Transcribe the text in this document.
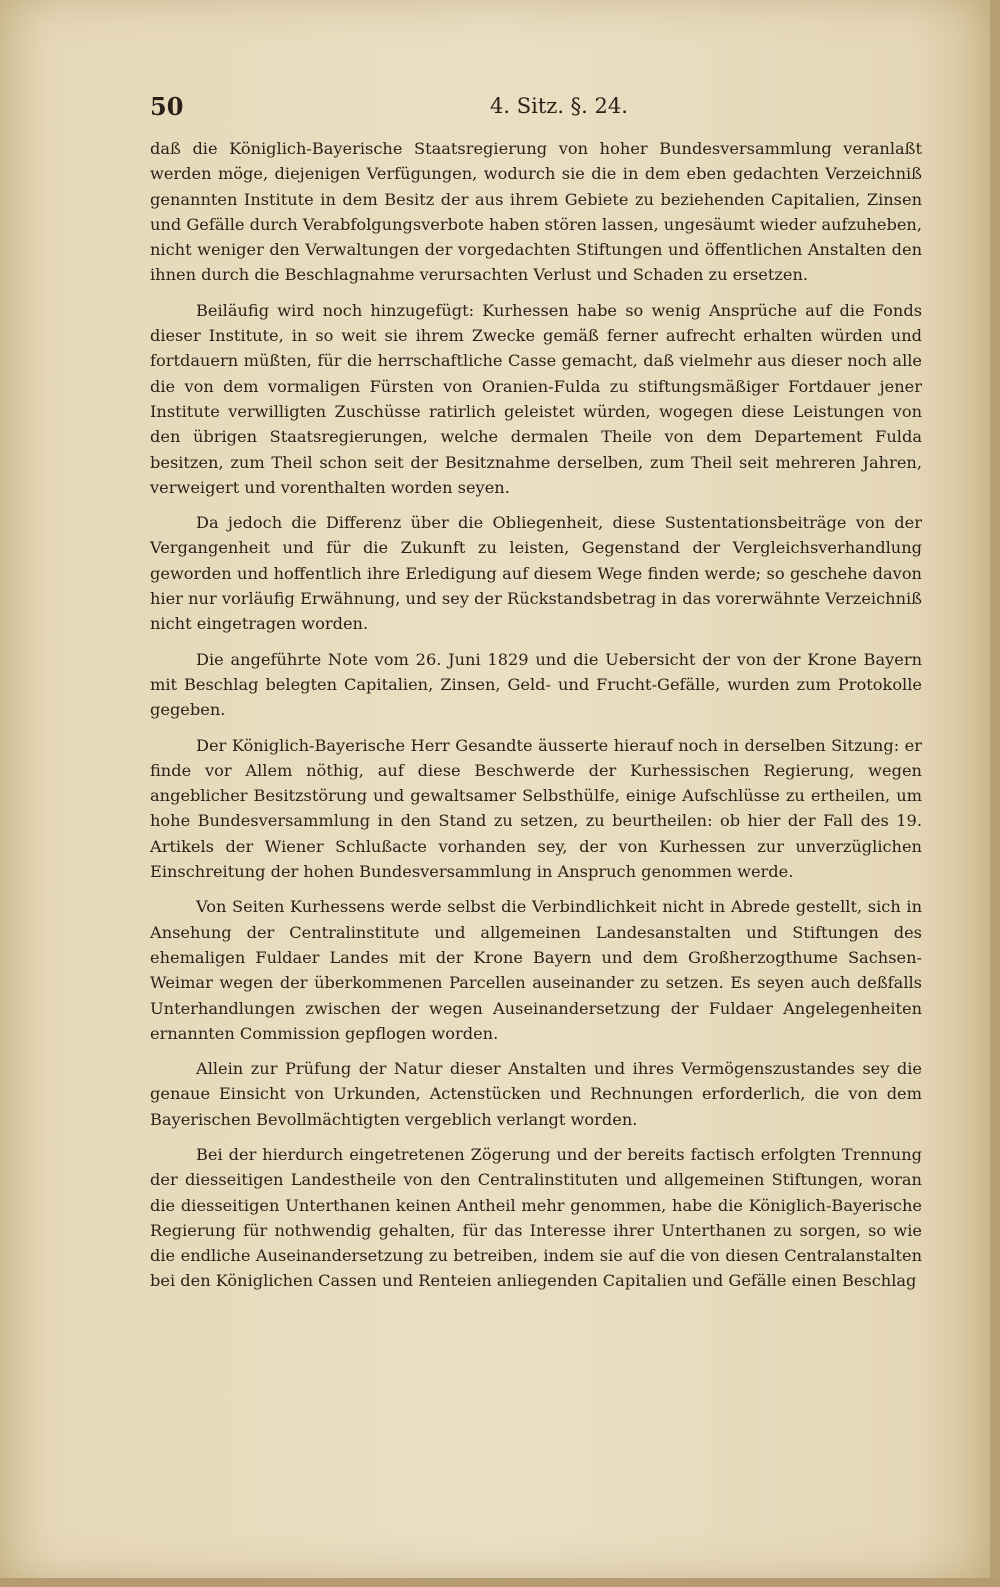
50	4. Sitz. §. 24.

daß die Königlich-Bayerische Staatsregierung von hoher Bundesversammlung veranlaßt werden möge, diejenigen Verfügungen, wodurch sie die in dem eben gedachten Verzeichniß genannten Institute in dem Besitz der aus ihrem Gebiete zu beziehenden Capitalien, Zinsen und Gefälle durch Verabfolgungsverbote haben stören lassen, ungesäumt wieder aufzuheben, nicht weniger den Verwaltungen der vorgedachten Stiftungen und öffentlichen Anstalten den ihnen durch die Beschlagnahme verursachten Verlust und Schaden zu ersetzen.

Beiläufig wird noch hinzugefügt: Kurhessen habe so wenig Ansprüche auf die Fonds dieser Institute, in so weit sie ihrem Zwecke gemäß ferner aufrecht erhalten würden und fortdauern müßten, für die herrschaftliche Casse gemacht, daß vielmehr aus dieser noch alle die von dem vormaligen Fürsten von Oranien-Fulda zu stiftungsmäßiger Fortdauer jener Institute verwilligten Zuschüsse ratirlich geleistet würden, wogegen diese Leistungen von den übrigen Staatsregierungen, welche dermalen Theile von dem Departement Fulda besitzen, zum Theil schon seit der Besitznahme derselben, zum Theil seit mehreren Jahren, verweigert und vorenthalten worden seyen.

Da jedoch die Differenz über die Obliegenheit, diese Sustentationsbeiträge von der Vergangenheit und für die Zukunft zu leisten, Gegenstand der Vergleichsverhandlung geworden und hoffentlich ihre Erledigung auf diesem Wege finden werde; so geschehe davon hier nur vorläufig Erwähnung, und sey der Rückstandsbetrag in das vorerwähnte Verzeichniß nicht eingetragen worden.

Die angeführte Note vom 26. Juni 1829 und die Uebersicht der von der Krone Bayern mit Beschlag belegten Capitalien, Zinsen, Geld- und Frucht-Gefälle, wurden zum Protokolle gegeben.

Der Königlich-Bayerische Herr Gesandte äusserte hierauf noch in derselben Sitzung: er finde vor Allem nöthig, auf diese Beschwerde der Kurhessischen Regierung, wegen angeblicher Besitzstörung und gewaltsamer Selbsthülfe, einige Aufschlüsse zu ertheilen, um hohe Bundesversammlung in den Stand zu setzen, zu beurtheilen: ob hier der Fall des 19. Artikels der Wiener Schlußacte vorhanden sey, der von Kurhessen zur unverzüglichen Einschreitung der hohen Bundesversammlung in Anspruch genommen werde.

Von Seiten Kurhessens werde selbst die Verbindlichkeit nicht in Abrede gestellt, sich in Ansehung der Centralinstitute und allgemeinen Landesanstalten und Stiftungen des ehemaligen Fuldaer Landes mit der Krone Bayern und dem Großherzogthume Sachsen-Weimar wegen der überkommenen Parcellen auseinander zu setzen. Es seyen auch deßfalls Unterhandlungen zwischen der wegen Auseinandersetzung der Fuldaer Angelegenheiten ernannten Commission gepflogen worden.

Allein zur Prüfung der Natur dieser Anstalten und ihres Vermögenszustandes sey die genaue Einsicht von Urkunden, Actenstücken und Rechnungen erforderlich, die von dem Bayerischen Bevollmächtigten vergeblich verlangt worden.

Bei der hierdurch eingetretenen Zögerung und der bereits factisch erfolgten Trennung der diesseitigen Landestheile von den Centralinstituten und allgemeinen Stiftungen, woran die diesseitigen Unterthanen keinen Antheil mehr genommen, habe die Königlich-Bayerische Regierung für nothwendig gehalten, für das Interesse ihrer Unterthanen zu sorgen, so wie die endliche Auseinandersetzung zu betreiben, indem sie auf die von diesen Centralanstalten bei den Königlichen Cassen und Renteien anliegenden Capitalien und Gefälle einen Beschlag
